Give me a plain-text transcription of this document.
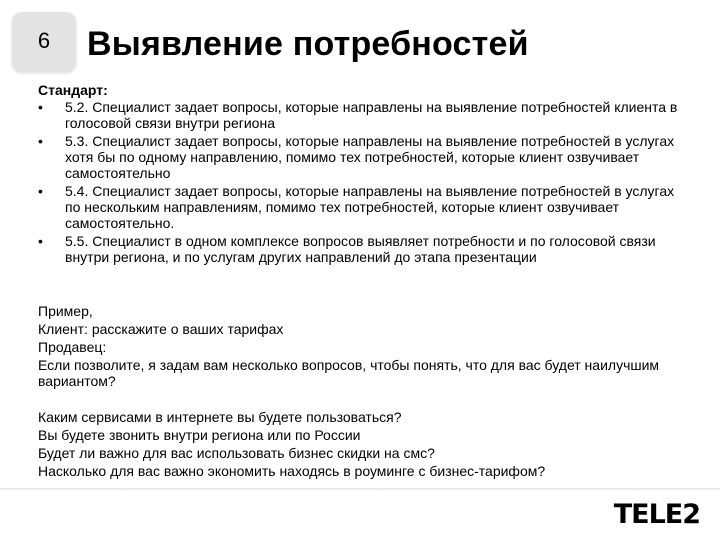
6 Выявление потребностей
Стандарт:
• 5.2. Специалист задает вопросы, которые направлены на выявление потребностей клиента в голосовой связи внутри региона
• 5.3. Специалист задает вопросы, которые направлены на выявление потребностей в услугах хотя бы по одному направлению, помимо тех потребностей, которые клиент озвучивает самостоятельно
• 5.4. Специалист задает вопросы, которые направлены на выявление потребностей в услугах по нескольким направлениям, помимо тех потребностей, которые клиент озвучивает самостоятельно.
• 5.5. Специалист в одном комплексе вопросов выявляет потребности и по голосовой связи внутри региона, и по услугам других направлений до этапа презентации
Пример,
Клиент: расскажите о ваших тарифах
Продавец:
Если позволите, я задам вам несколько вопросов, чтобы понять, что для вас будет наилучшим вариантом?
Каким сервисами в интернете вы будете пользоваться?
Вы будете звонить внутри региона или по России
Будет ли важно для вас использовать бизнес скидки на смс?
Насколько для вас важно экономить находясь в роуминге с бизнес-тарифом?
TELE2
